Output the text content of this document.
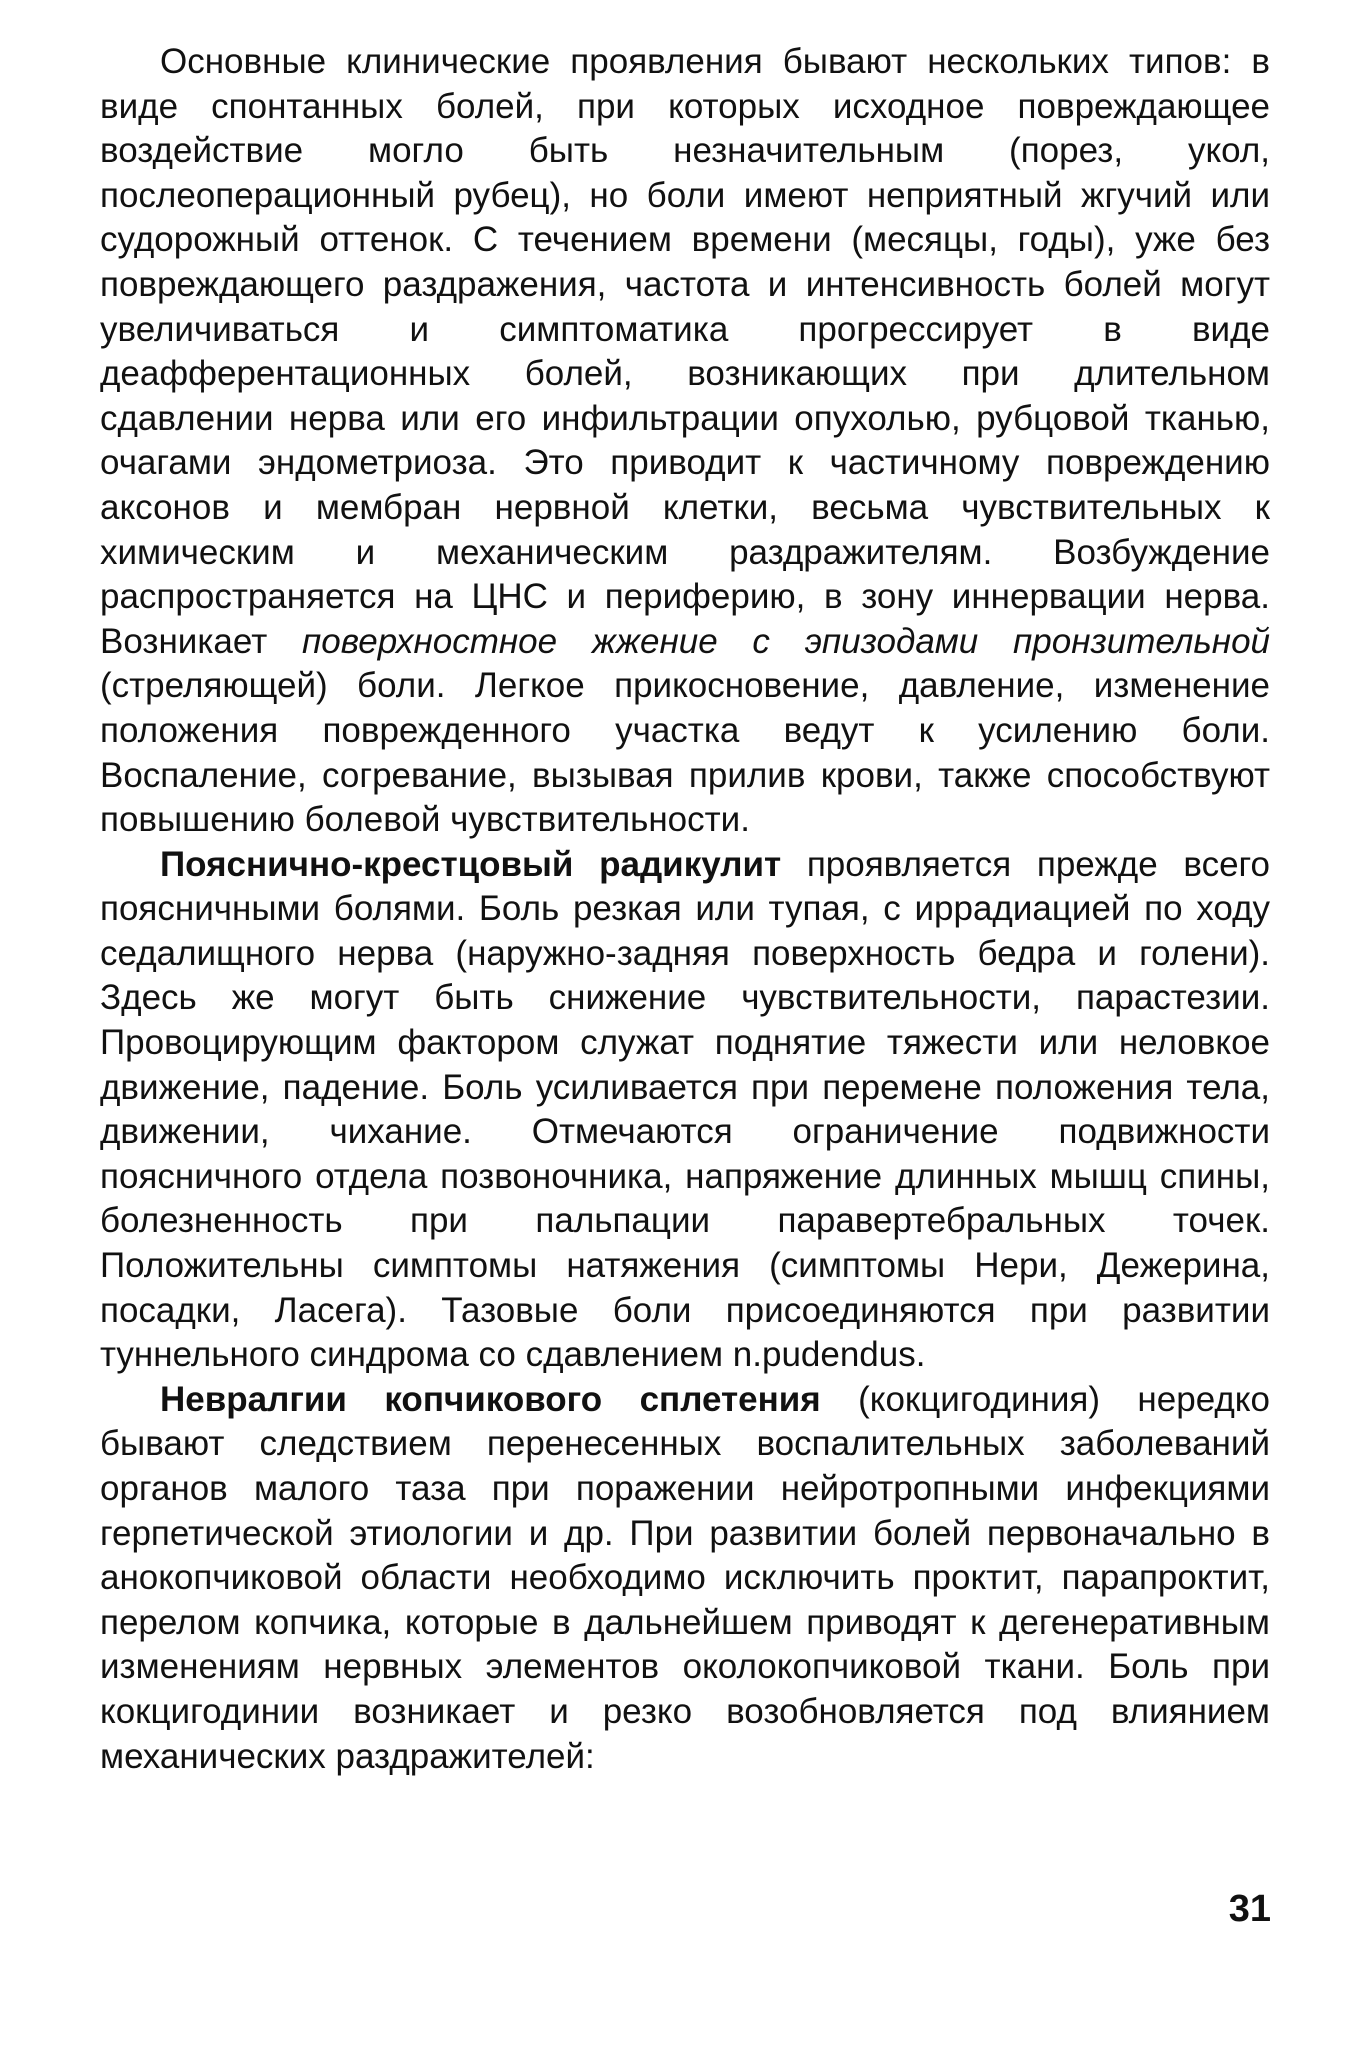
Основные клинические проявления бывают нескольких типов: в виде спонтанных болей, при которых исходное повреждающее воздействие могло быть незначительным (порез, укол, послеоперационный рубец), но боли имеют неприятный жгучий или судорожный оттенок. С течением времени (месяцы, годы), уже без повреждающего раздражения, частота и интенсивность болей могут увеличиваться и симптоматика прогрессирует в виде деафферентационных болей, возникающих при длительном сдавлении нерва или его инфильтрации опухолью, рубцовой тканью, очагами эндометриоза. Это приводит к частичному повреждению аксонов и мембран нервной клетки, весьма чувствительных к химическим и механическим раздражителям. Возбуждение распространяется на ЦНС и периферию, в зону иннервации нерва. Возникает поверхностное жжение с эпизодами пронзительной (стреляющей) боли. Легкое прикосновение, давление, изменение положения поврежденного участка ведут к усилению боли. Воспаление, согревание, вызывая прилив крови, также способствуют повышению болевой чувствительности.

Пояснично-крестцовый радикулит проявляется прежде всего поясничными болями. Боль резкая или тупая, с иррадиацией по ходу седалищного нерва (наружно-задняя поверхность бедра и голени). Здесь же могут быть снижение чувствительности, парастезии. Провоцирующим фактором служат поднятие тяжести или неловкое движение, падение. Боль усиливается при перемене положения тела, движении, чихание. Отмечаются ограничение подвижности поясничного отдела позвоночника, напряжение длинных мышц спины, болезненность при пальпации паравертебральных точек. Положительны симптомы натяжения (симптомы Нери, Дежерина, посадки, Ласега). Тазовые боли присоединяются при развитии туннельного синдрома со сдавлением n.pudendus.

Невралгии копчикового сплетения (кокцигодиния) нередко бывают следствием перенесенных воспалительных заболеваний органов малого таза при поражении нейротропными инфекциями герпетической этиологии и др. При развитии болей первоначально в анокопчиковой области необходимо исключить проктит, парапроктит, перелом копчика, которые в дальнейшем приводят к дегенеративным изменениям нервных элементов околокопчиковой ткани. Боль при кокцигодинии возникает и резко возобновляется под влиянием механических раздражителей:

31
